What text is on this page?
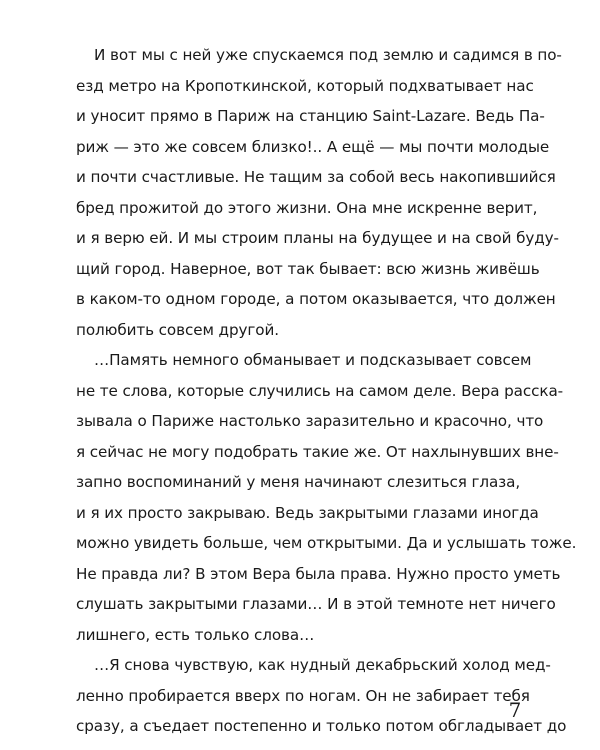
И вот мы с ней уже спускаемся под землю и садимся в по-
езд метро на Кропоткинской, который подхватывает нас
и уносит прямо в Париж на станцию Saint-Lazare. Ведь Па-
риж — это же совсем близко!.. А ещё — мы почти молодые
и почти счастливые. Не тащим за собой весь накопившийся
бред прожитой до этого жизни. Она мне искренне верит,
и я верю ей. И мы строим планы на будущее и на свой буду-
щий город. Наверное, вот так бывает: всю жизнь живёшь
в каком-то одном городе, а потом оказывается, что должен
полюбить совсем другой.
…Память немного обманывает и подсказывает совсем
не те слова, которые случились на самом деле. Вера расска-
зывала о Париже настолько заразительно и красочно, что
я сейчас не могу подобрать такие же. От нахлынувших вне-
запно воспоминаний у меня начинают слезиться глаза,
и я их просто закрываю. Ведь закрытыми глазами иногда
можно увидеть больше, чем открытыми. Да и услышать тоже.
Не правда ли? В этом Вера была права. Нужно просто уметь
слушать закрытыми глазами… И в этой темноте нет ничего
лишнего, есть только слова…
…Я снова чувствую, как нудный декабрьский холод мед-
ленно пробирается вверх по ногам. Он не забирает тебя
сразу, а съедает постепенно и только потом обгладывает до
7
